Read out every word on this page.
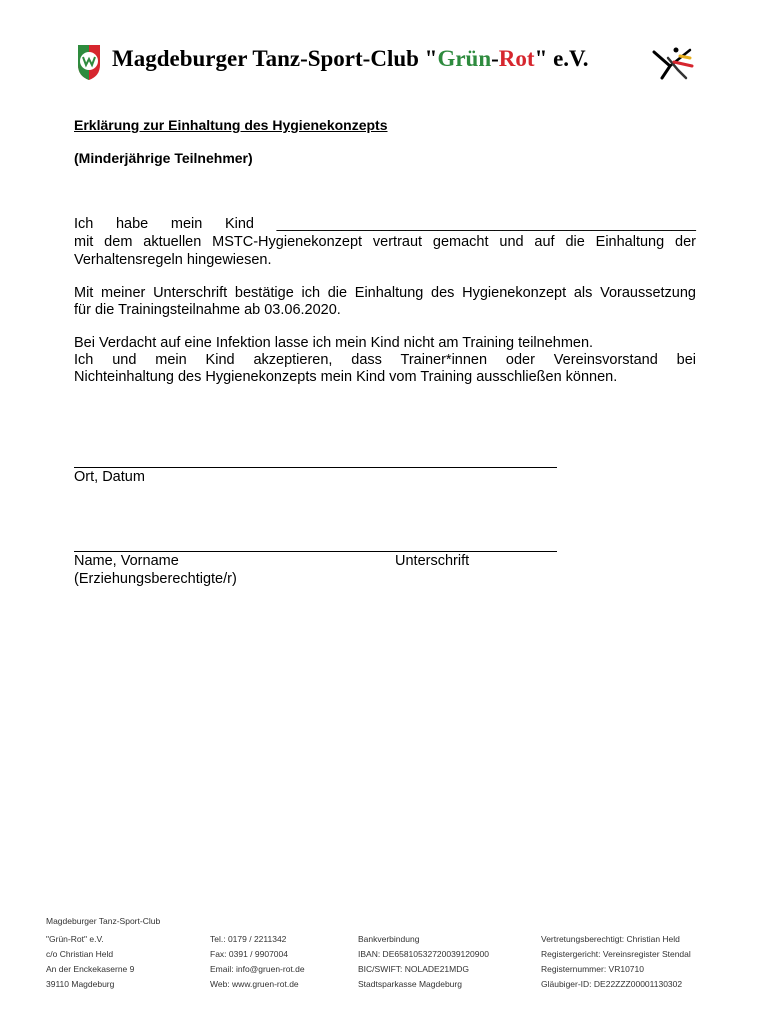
Magdeburger Tanz-Sport-Club "Grün-Rot" e.V.
Erklärung zur Einhaltung des Hygienekonzepts
(Minderjährige Teilnehmer)
Ich habe mein Kind ____________________________________________________
mit dem aktuellen MSTC-Hygienekonzept vertraut gemacht und auf die Einhaltung der
Verhaltensregeln hingewiesen.
Mit meiner Unterschrift bestätige ich die Einhaltung des Hygienekonzept als Voraussetzung
für die Trainingsteilnahme ab 03.06.2020.
Bei Verdacht auf eine Infektion lasse ich mein Kind nicht am Training teilnehmen.
Ich und mein Kind akzeptieren, dass Trainer*innen oder Vereinsvorstand bei
Nichteinhaltung des Hygienekonzepts mein Kind vom Training ausschließen können.
Ort, Datum
Name, Vorname	Unterschrift
(Erziehungsberechtigte/r)
Magdeburger Tanz-Sport-Club
"Grün-Rot" e.V.
c/o Christian Held
An der Enckekaserne 9
39110 Magdeburg
Tel.: 0179 / 2211342
Fax: 0391 / 9907004
Email: info@gruen-rot.de
Web: www.gruen-rot.de
Bankverbindung
IBAN: DE65810532720039120900
BIC/SWIFT: NOLADE21MDG
Stadtsparkasse Magdeburg
Vertretungsberechtigt: Christian Held
Registergericht: Vereinsregister Stendal
Registernummer: VR10710
Gläubiger-ID: DE22ZZZ00001130302
